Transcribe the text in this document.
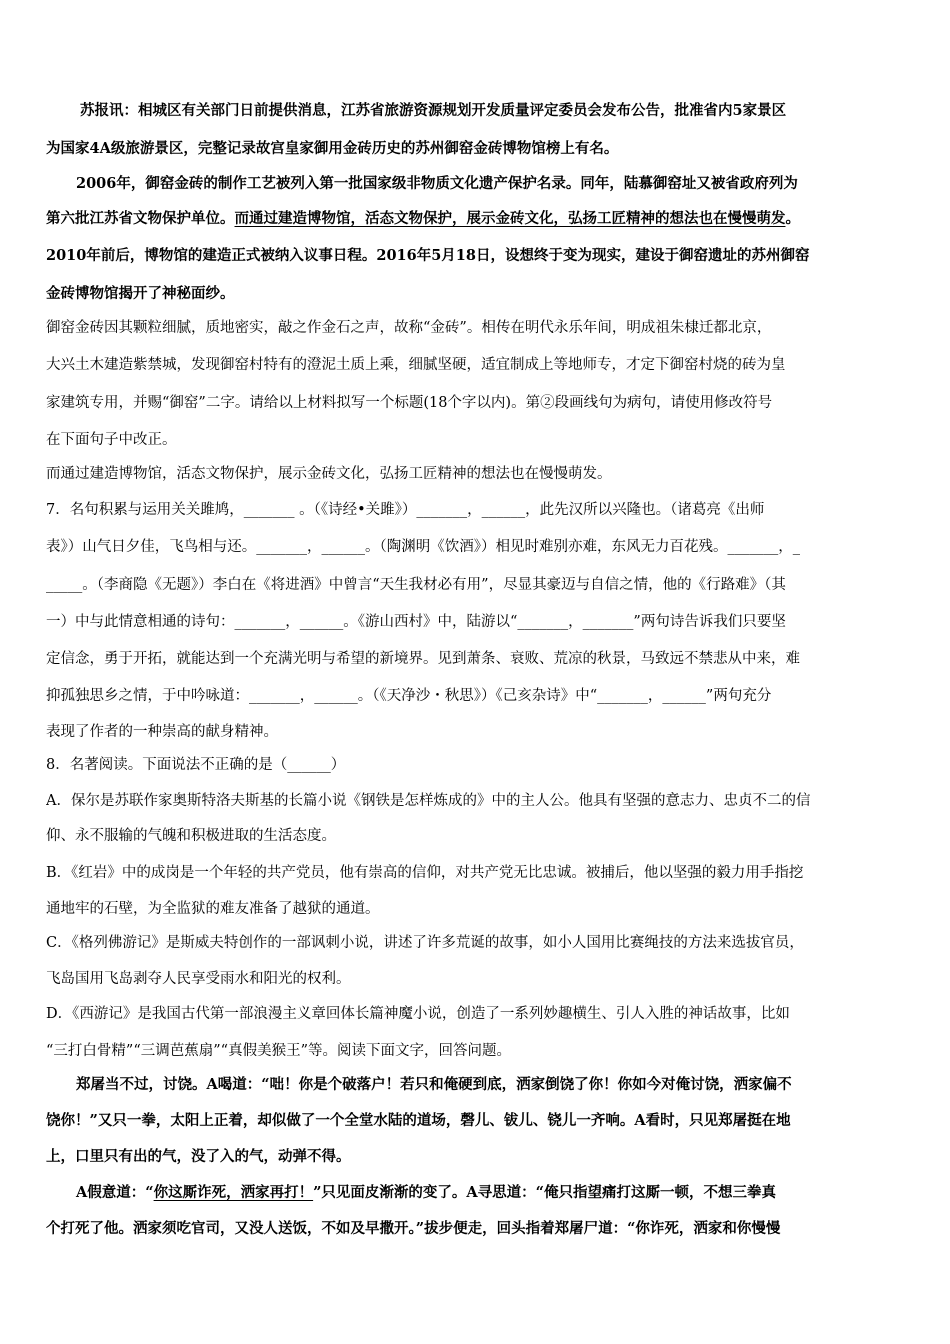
苏报讯：相城区有关部门日前提供消息，江苏省旅游资源规划开发质量评定委员会发布公告，批准省内5家景区
为国家4A级旅游景区，完整记录故宫皇家御用金砖历史的苏州御窑金砖博物馆榜上有名。
2006年，御窑金砖的制作工艺被列入第一批国家级非物质文化遗产保护名录。同年，陆慕御窑址又被省政府列为
第六批江苏省文物保护单位。而通过建造博物馆，活态文物保护，展示金砖文化，弘扬工匠精神的想法也在慢慢萌发。
2010年前后，博物馆的建造正式被纳入议事日程。2016年5月18日，设想终于变为现实，建设于御窑遗址的苏州御窑
金砖博物馆揭开了神秘面纱。
御窑金砖因其颗粒细腻，质地密实，敲之作金石之声，故称“金砖”。相传在明代永乐年间，明成祖朱棣迁都北京，
大兴土木建造紫禁城，发现御窑村特有的澄泥土质上乘，细腻坚硬，适宜制成上等地师专，才定下御窑村烧的砖为皇
家建筑专用，并赐“御窑”二字。请给以上材料拟写一个标题(18个字以内)。第②段画线句为病句，请使用修改符号
在下面句子中改正。
而通过建造博物馆，活态文物保护，展示金砖文化，弘扬工匠精神的想法也在慢慢萌发。
7．名句积累与运用关关雎鸠，_______ 。（《诗经•关雎》）_______，______，此先汉所以兴隆也。（诸葛亮《出师
表》）山气日夕佳，飞鸟相与还。_______，______。（陶渊明《饮酒》）相见时难别亦难，东风无力百花残。_______，_
_____。（李商隐《无题》）李白在《将进酒》中曾言“天生我材必有用”，尽显其豪迈与自信之情，他的《行路难》（其
一）中与此情意相通的诗句：_______，______。《游山西村》中，陆游以“_______，_______”两句诗告诉我们只要坚
定信念，勇于开拓，就能达到一个充满光明与希望的新境界。见到萧条、衰败、荒凉的秋景，马致远不禁悲从中来，难
抑孤独思乡之情，于中吟咏道：_______，______。（《天净沙・秋思》）《己亥杂诗》中“_______，______”两句充分
表现了作者的一种崇高的献身精神。
8．名著阅读。下面说法不正确的是（______）
A．保尔是苏联作家奥斯特洛夫斯基的长篇小说《钢铁是怎样炼成的》中的主人公。他具有坚强的意志力、忠贞不二的信
仰、永不服输的气魄和积极进取的生活态度。
B．《红岩》中的成岗是一个年轻的共产党员，他有崇高的信仰，对共产党无比忠诚。被捕后，他以坚强的毅力用手指挖
通地牢的石壁，为全监狱的难友准备了越狱的通道。
C．《格列佛游记》是斯威夫特创作的一部讽刺小说，讲述了许多荒诞的故事，如小人国用比赛绳技的方法来选拔官员，
飞岛国用飞岛剥夺人民享受雨水和阳光的权利。
D．《西游记》是我国古代第一部浪漫主义章回体长篇神魔小说，创造了一系列妙趣横生、引人入胜的神话故事，比如
“三打白骨精”“三调芭蕉扇”“真假美猴王”等。阅读下面文字，回答问题。
郑屠当不过，讨饶。A喝道：“咄！你是个破落户！若只和俺硬到底，洒家倒饶了你！你如今对俺讨饶，洒家偏不
饶你！”又只一拳，太阳上正着，却似做了一个全堂水陆的道场，磬儿、钹儿、铙儿一齐响。A看时，只见郑屠挺在地
上，口里只有出的气，没了入的气，动弹不得。
A假意道：“你这厮诈死，洒家再打！”只见面皮渐渐的变了。A寻思道：“俺只指望痛打这厮一顿，不想三拳真
个打死了他。洒家须吃官司，又没人送饭，不如及早撒开。”拔步便走，回头指着郑屠尸道：“你诈死，洒家和你慢慢
